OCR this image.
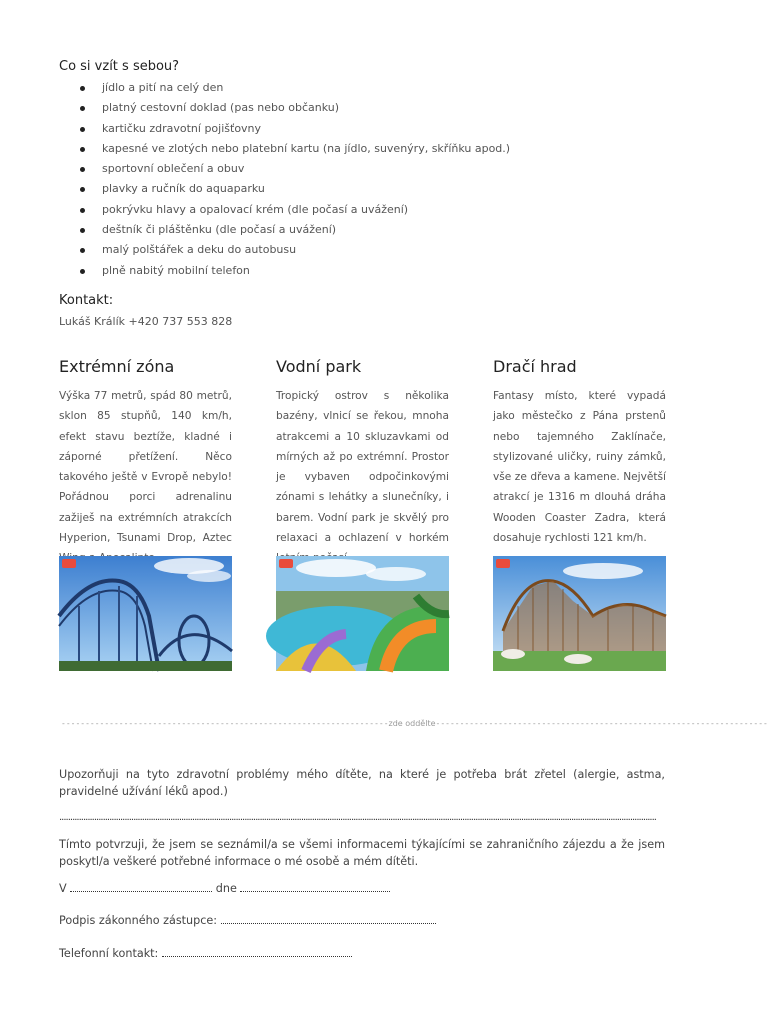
Co si vzít s sebou?
jídlo a pití na celý den
platný cestovní doklad (pas nebo občanku)
kartičku zdravotní pojišťovny
kapesné ve zlotých nebo platební kartu (na jídlo, suvenýry, skříňku apod.)
sportovní oblečení a obuv
plavky a ručník do aquaparku
pokrývku hlavy a opalovací krém (dle počasí a uvážení)
deštník či pláštěnku (dle počasí a uvážení)
malý polštářek a deku do autobusu
plně nabitý mobilní telefon
Kontakt:
Lukáš Králík +420 737 553 828
Extrémní zóna

Výška 77 metrů, spád 80 metrů, sklon 85 stupňů, 140 km/h, efekt stavu beztíže, kladné i záporné přetížení. Něco takového ještě v Evropě nebylo! Pořádnou porci adrenalinu zažiješ na extrémních atrakcích Hyperion, Tsunami Drop, Aztec

Vodní park

Tropický ostrov s několika bazény, vlnicí se řekou, mnoha atrakcemi a 10 skluzavkami od mírných až po extrémní. Prostor je vybaven odpočinkovými zónami s lehátky a slunečníky, i barem. Vodní park je skvělý pro relaxaci a ochlazení v horkém

Dračí hrad

Fantasy místo, které vypadá jako městečko z Pána prstenů nebo tajemného Zaklínače, stylizované uličky, ruiny zámků, vše ze dřeva a kamene. Největší atrakcí je 1316 m dlouhá dráha Wooden Coaster Zadra, která dosahuje rychlosti 121 km/h.

--------------------------------------------------------------------zde oddělte---------------------------------------------------------------------
Upozorňuji na tyto zdravotní problémy mého dítěte, na které je potřeba brát zřetel (alergie, astma, pravidelné užívání léků apod.)
..................................................................................................................................................................................................................................................................................
Tímto potvrzuji, že jsem se seznámil/a se všemi informacemi týkajícími se zahraničního zájezdu a že jsem poskytl/a veškeré potřebné informace o mé osobě a mém dítěti.
V	dne
Podpis zákonného zástupce:
Telefonní kontakt:
